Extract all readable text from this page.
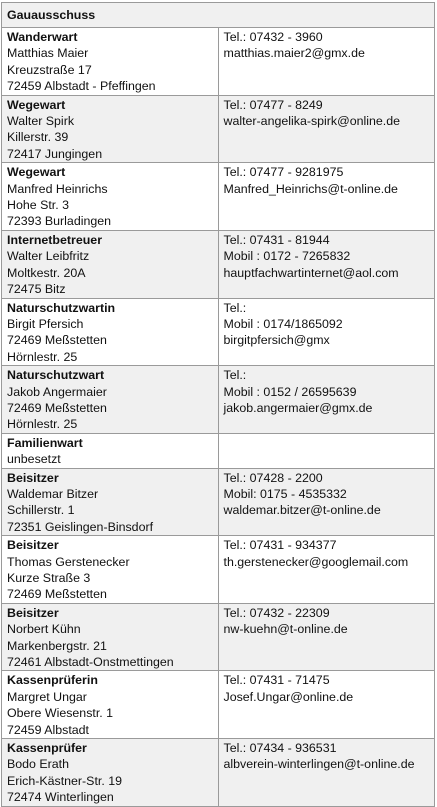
Gauausschuss	

Wanderwart
Matthias Maier
Kreuzstraße 17
72459 Albstadt - Pfeffingen	Tel.: 07432 - 3960
matthias.maier2@gmx.de

Wegewart
Walter Spirk
Killerstr. 39
72417 Jungingen	Tel.: 07477 - 8249
walter-angelika-spirk@online.de

Wegewart
Manfred Heinrichs
Hohe Str. 3
72393 Burladingen	Tel.: 07477 - 9281975
Manfred_Heinrichs@t-online.de

Internetbetreuer
Walter Leibfritz
Moltkestr. 20A
72475 Bitz	Tel.: 07431 - 81944
Mobil : 0172 - 7265832
hauptfachwartinternet@aol.com

Naturschutzwartin
Birgit Pfersich
72469 Meßstetten
Hörnlestr. 25	Tel.:
Mobil : 0174/1865092
birgitpfersich@gmx

Naturschutzwart
Jakob Angermaier
72469 Meßstetten
Hörnlestr. 25	Tel.:
Mobil : 0152 / 26595639
jakob.angermaier@gmx.de

Familienwart
unbesetzt	

Beisitzer
Waldemar Bitzer
Schillerstr. 1
72351 Geislingen-Binsdorf	Tel.: 07428 - 2200
Mobil: 0175 - 4535332
waldemar.bitzer@t-online.de

Beisitzer
Thomas Gerstenecker
Kurze Straße 3
72469 Meßstetten	Tel.: 07431 - 934377
th.gerstenecker@googlemail.com

Beisitzer
Norbert Kühn
Markenbergstr. 21
72461 Albstadt-Onstmettingen	Tel.: 07432 - 22309
nw-kuehn@t-online.de

Kassenprüferin
Margret Ungar
Obere Wiesenstr. 1
72459 Albstadt	Tel.: 07431 - 71475
Josef.Ungar@online.de

Kassenprüfer
Bodo Erath
Erich-Kästner-Str. 19
72474 Winterlingen	Tel.: 07434 - 936531
albverein-winterlingen@t-online.de
